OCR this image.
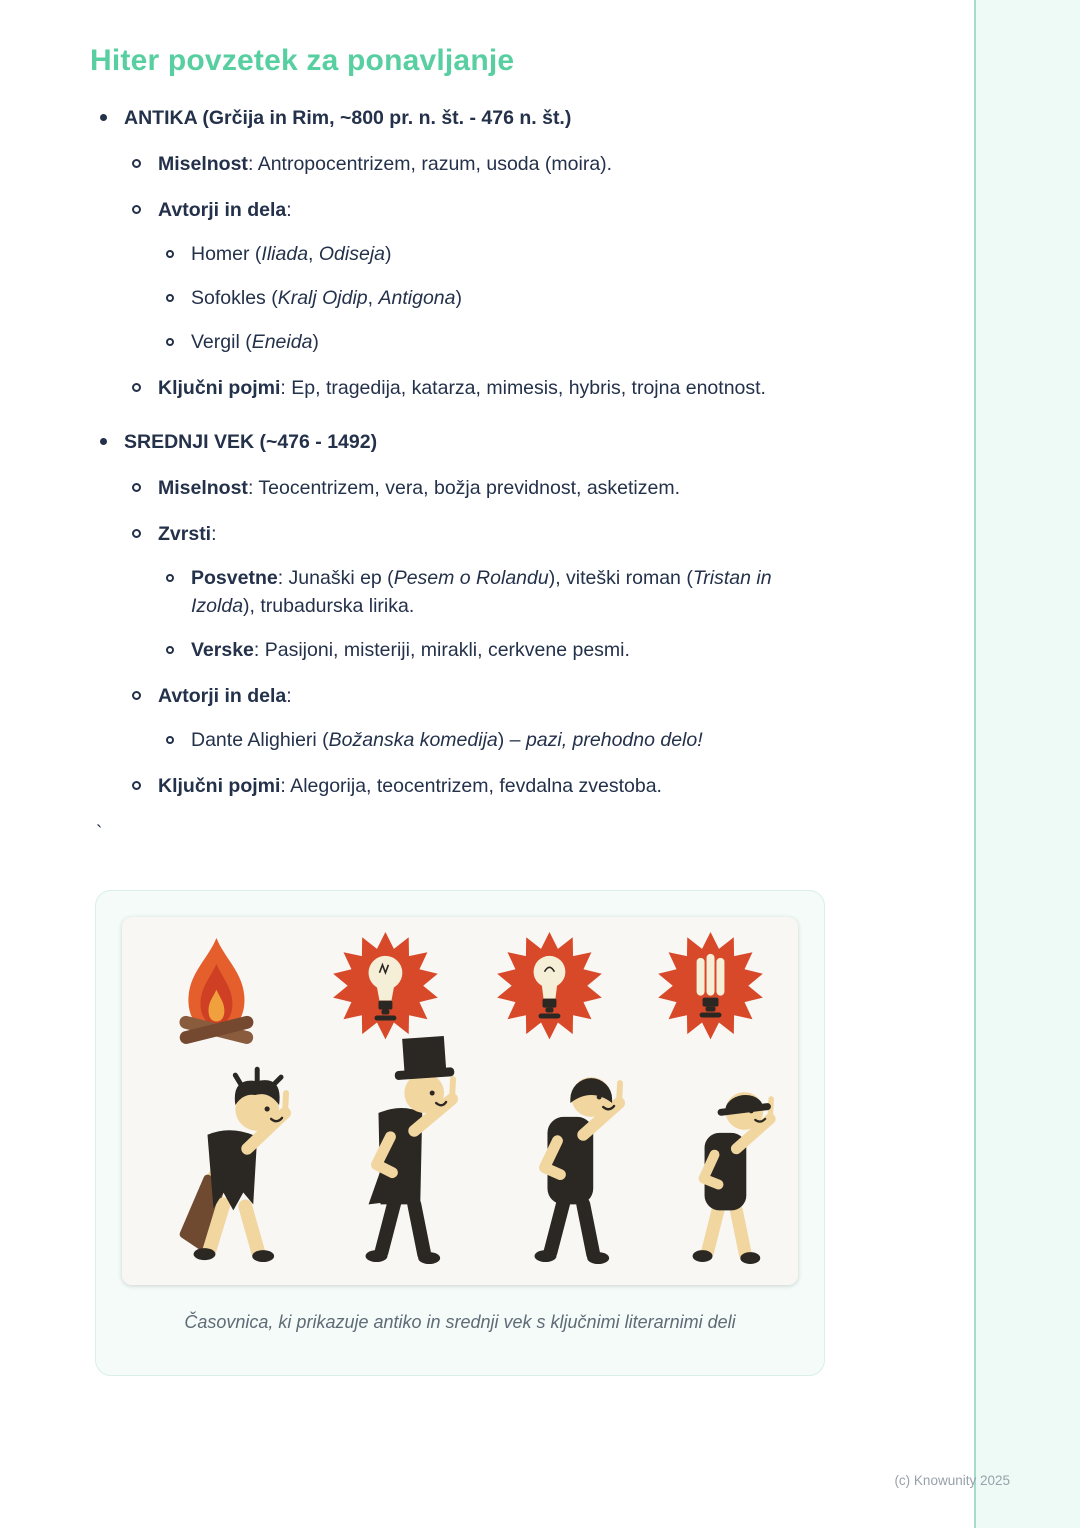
Hiter povzetek za ponavljanje
ANTIKA (Grčija in Rim, ~800 pr. n. št. - 476 n. št.)
Miselnost: Antropocentrizem, razum, usoda (moira).
Avtorji in dela:
Homer (Iliada, Odiseja)
Sofokles (Kralj Ojdip, Antigona)
Vergil (Eneida)
Ključni pojmi: Ep, tragedija, katarza, mimesis, hybris, trojna enotnost.
SREDNJI VEK (~476 - 1492)
Miselnost: Teocentrizem, vera, božja previdnost, asketizem.
Zvrsti:
Posvetne: Junaški ep (Pesem o Rolandu), viteški roman (Tristan in Izolda), trubadurska lirika.
Verske: Pasijoni, misteriji, mirakli, cerkvene pesmi.
Avtorji in dela:
Dante Alighieri (Božanska komedija) – pazi, prehodno delo!
Ključni pojmi: Alegorija, teocentrizem, fevdalna zvestoba.
`
Časovnica, ki prikazuje antiko in srednji vek s ključnimi literarnimi deli
(c) Knowunity 2025
